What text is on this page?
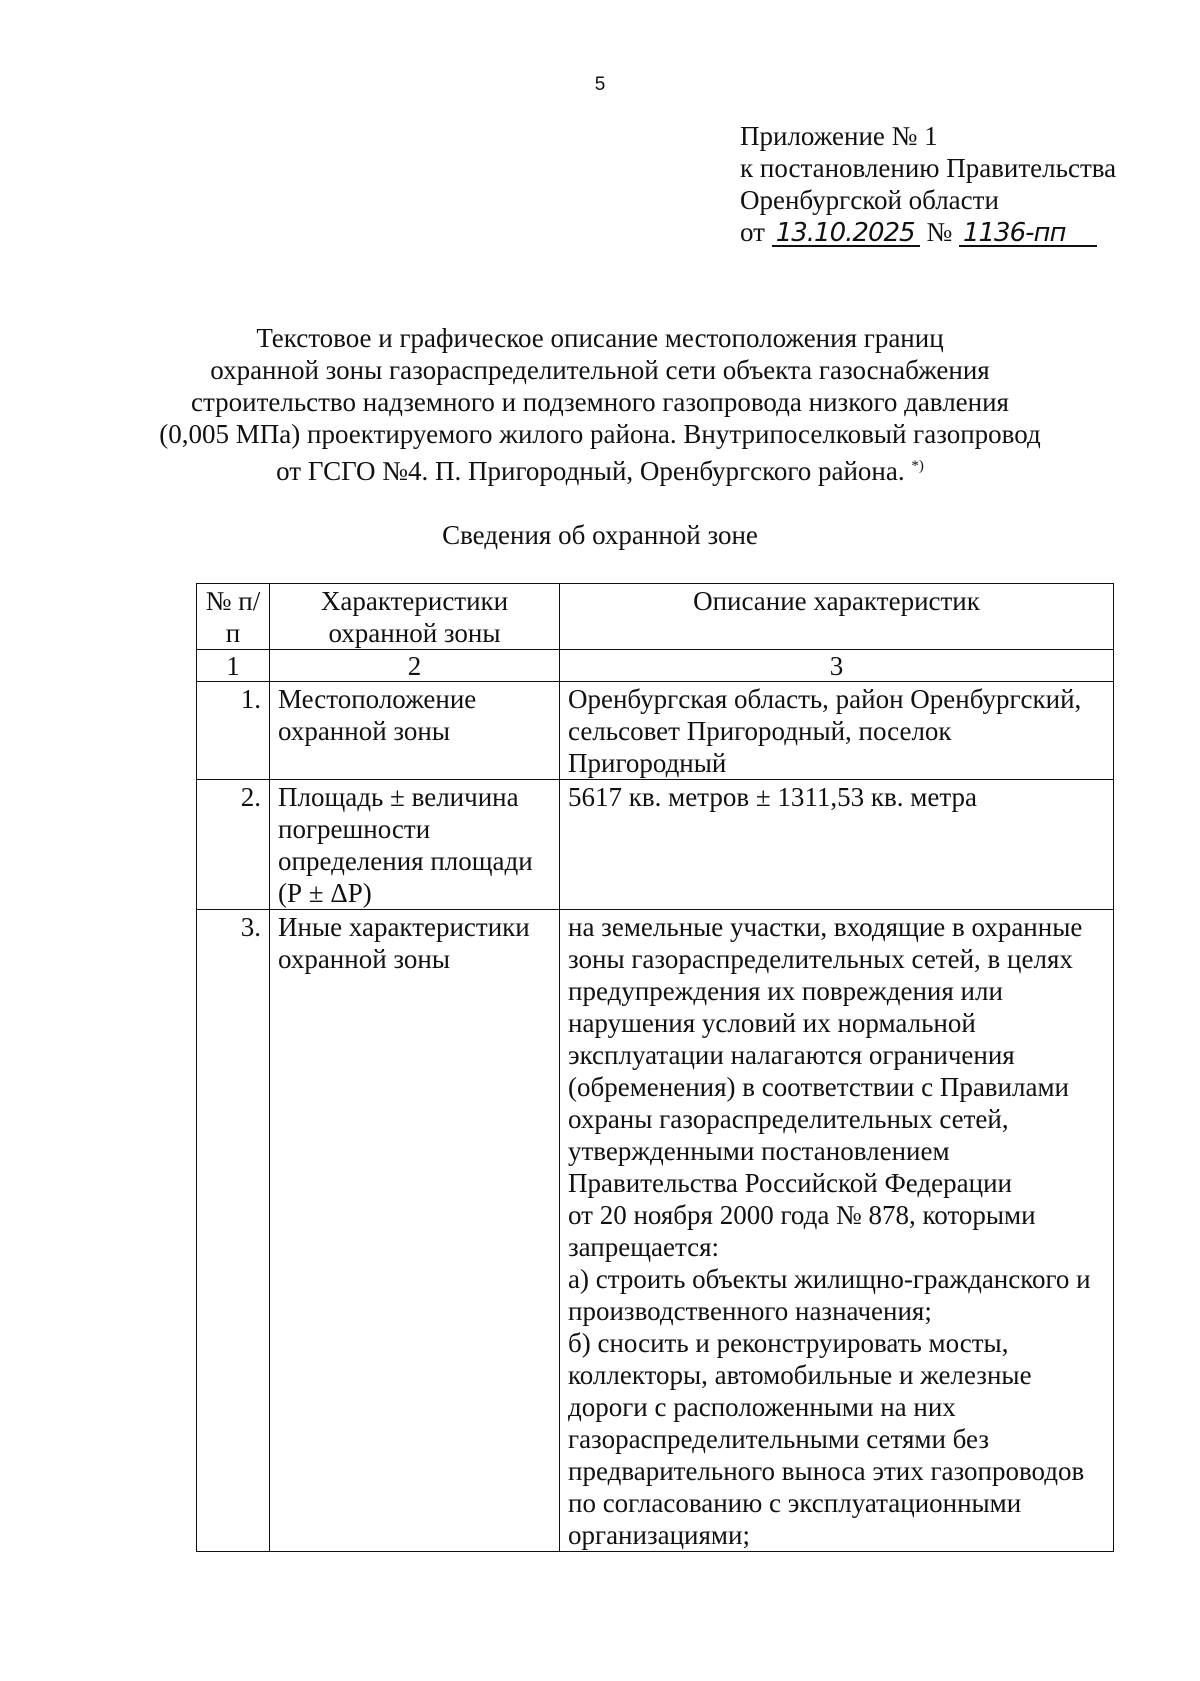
5
Приложение № 1
к постановлению Правительства
Оренбургской области
от 13.10.2025 № 1136-пп
Текстовое и графическое описание местоположения границ
охранной зоны газораспределительной сети объекта газоснабжения
строительство надземного и подземного газопровода низкого давления
(0,005 МПа) проектируемого жилого района. Внутрипоселковый газопровод
от ГСГО №4. П. Пригородный, Оренбургского района. *)
Сведения об охранной зоне
№ п/п	Характеристики охранной зоны	Описание характеристик
1	2	3
1.	Местоположение охранной зоны	Оренбургская область, район Оренбургский, сельсовет Пригородный, поселок Пригородный

2.	Площадь ± величина погрешности определения площади (Р ± ΔР)	5617 кв. метров ± 1311,53 кв. метра

3.	Иные характеристики охранной зоны	на земельные участки, входящие в охранные зоны газораспределительных сетей, в целях предупреждения их повреждения или нарушения условий их нормальной эксплуатации налагаются ограничения (обременения) в соответствии с Правилами охраны газораспределительных сетей, утвержденными постановлением Правительства Российской Федерации
от 20 ноября 2000 года № 878, которыми запрещается:
а) строить объекты жилищно-гражданского и производственного назначения;
б) сносить и реконструировать мосты, коллекторы, автомобильные и железные дороги с расположенными на них газораспределительными сетями без предварительного выноса этих газопроводов по согласованию с эксплуатационными организациями;
